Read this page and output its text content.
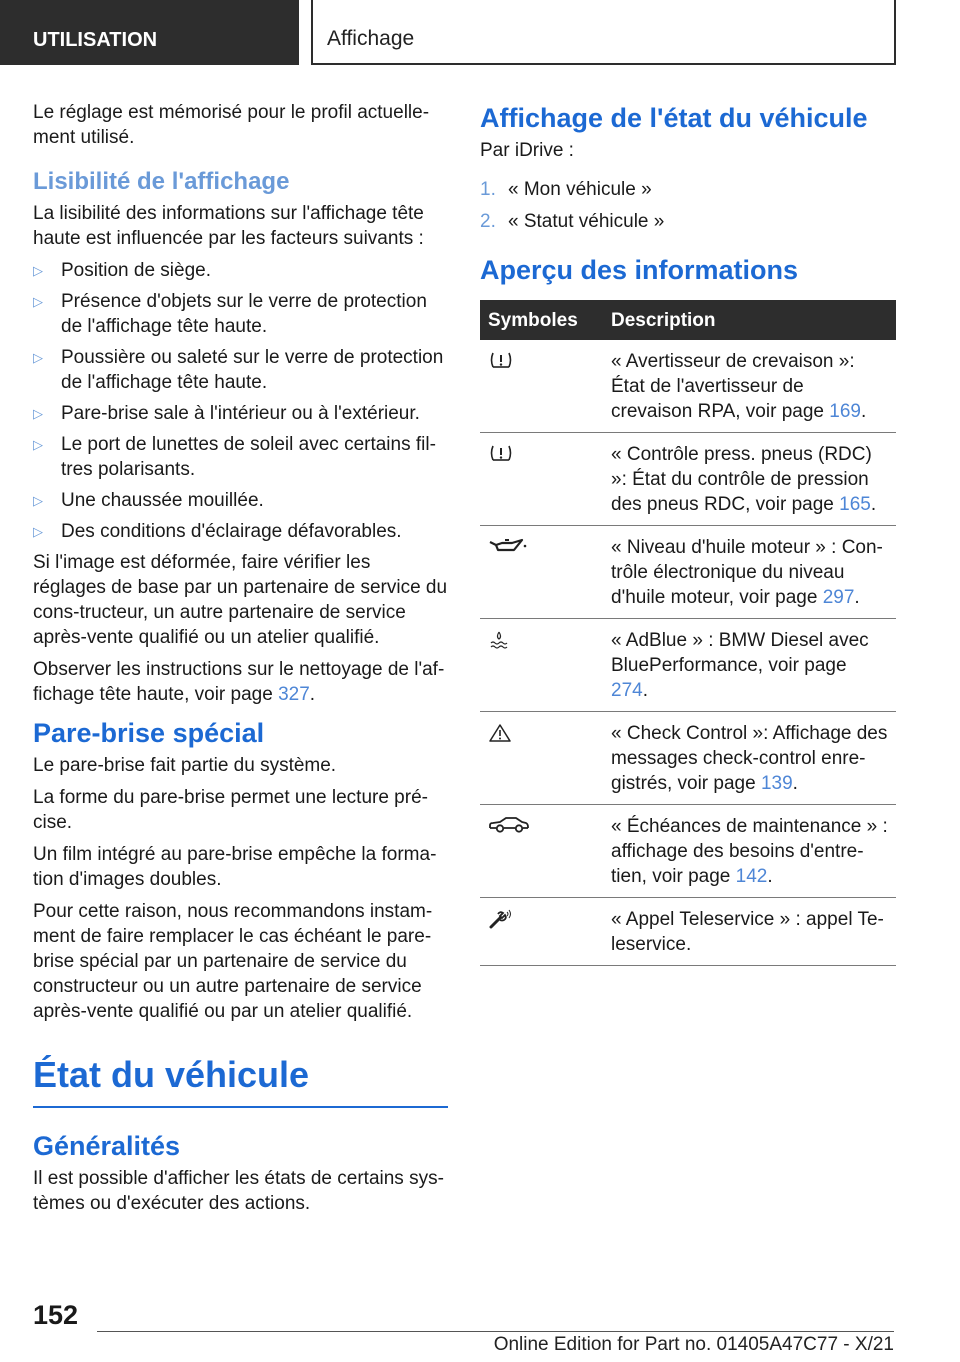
UTILISATION	Affichage

Le réglage est mémorisé pour le profil actuelle‐ment utilisé.

Lisibilité de l'affichage

La lisibilité des informations sur l'affichage tête haute est influencée par les facteurs suivants :

▷ Position de siège.
▷ Présence d'objets sur le verre de protection de l'affichage tête haute.
▷ Poussière ou saleté sur le verre de protection de l'affichage tête haute.
▷ Pare-brise sale à l'intérieur ou à l'extérieur.
▷ Le port de lunettes de soleil avec certains fil‐tres polarisants.
▷ Une chaussée mouillée.
▷ Des conditions d'éclairage défavorables.

Si l'image est déformée, faire vérifier les réglages de base par un partenaire de service du cons‐tructeur, un autre partenaire de service après-vente qualifié ou un atelier qualifié.

Observer les instructions sur le nettoyage de l'af‐fichage tête haute, voir page 327.

Pare-brise spécial

Le pare-brise fait partie du système.

La forme du pare-brise permet une lecture pré‐cise.

Un film intégré au pare-brise empêche la forma‐tion d'images doubles.

Pour cette raison, nous recommandons instam‐ment de faire remplacer le cas échéant le pare-brise spécial par un partenaire de service du constructeur ou un autre partenaire de service après-vente qualifié ou par un atelier qualifié.

État du véhicule
Généralités

Il est possible d'afficher les états de certains sys‐tèmes ou d'exécuter des actions.

Affichage de l'état du véhicule

Par iDrive :

1. « Mon véhicule »
2. « Statut véhicule »
Aperçu des informations
Symboles	Description

	« Avertisseur de crevaison »: État de l'avertisseur de crevaison RPA, voir page 169.

	« Contrôle press. pneus (RDC) »: État du contrôle de pression des pneus RDC, voir page 165.

	« Niveau d'huile moteur » : Con‐trôle électronique du niveau d'huile moteur, voir page 297.

	« AdBlue » : BMW Diesel avec BluePerformance, voir page 274.

	« Check Control »: Affichage des messages check-control enre‐gistrés, voir page 139.

	« Échéances de maintenance » : affichage des besoins d'entre‐tien, voir page 142.

	« Appel Teleservice » : appel Te‐leservice.
152
Online Edition for Part no. 01405A47C77 - X/21
